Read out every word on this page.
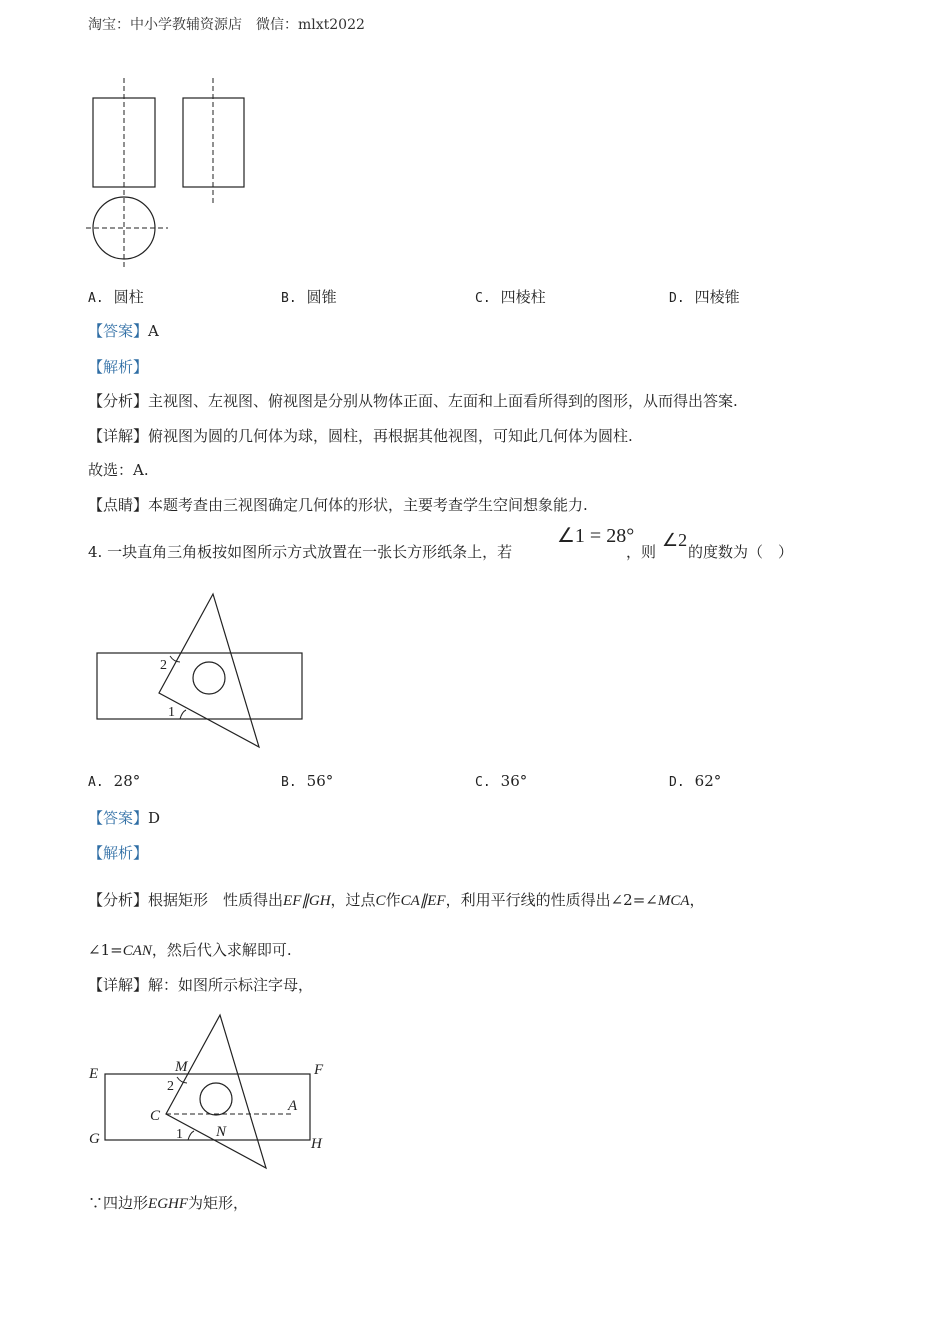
淘宝：中小学教辅资源店　微信：mlxt2022
A. 圆柱	B. 圆锥	C. 四棱柱	D. 四棱锥
【答案】A
【解析】
【分析】主视图、左视图、俯视图是分别从物体正面、左面和上面看所得到的图形，从而得出答案.
【详解】俯视图为圆的几何体为球，圆柱，再根据其他视图，可知此几何体为圆柱.
故选：A.
【点睛】本题考查由三视图确定几何体的形状，主要考查学生空间想象能力.
4. 一块直角三角板按如图所示方式放置在一张长方形纸条上，若
∠1 = 28°
，则
∠2
的度数为（　）
2
1
A. 28°	B. 56°	C. 36°	D. 62°
【答案】D
【解析】
【分析】根据矩形　性质得出EF∥GH，过点C作CA∥EF，利用平行线的性质得出∠2=∠MCA，
∠1=CAN，然后代入求解即可.
【详解】解：如图所示标注字母，
E	F
G	H
M
C
A
N
2
1
∵四边形EGHF为矩形，
